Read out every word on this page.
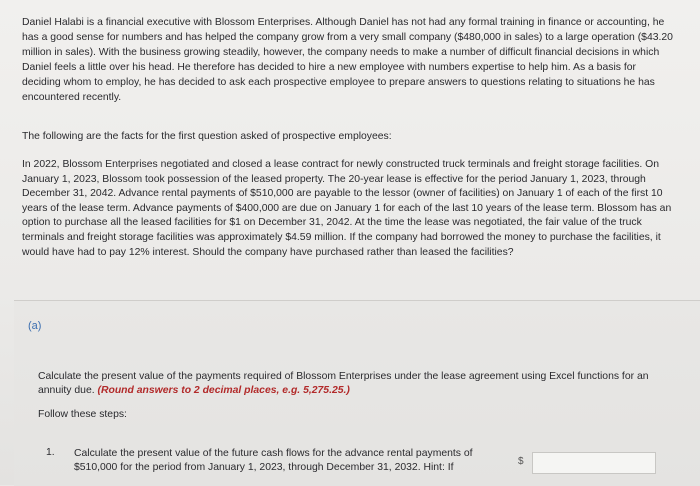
Daniel Halabi is a financial executive with Blossom Enterprises. Although Daniel has not had any formal training in finance or accounting, he has a good sense for numbers and has helped the company grow from a very small company ($480,000 in sales) to a large operation ($43.20 million in sales). With the business growing steadily, however, the company needs to make a number of difficult financial decisions in which Daniel feels a little over his head. He therefore has decided to hire a new employee with numbers expertise to help him. As a basis for deciding whom to employ, he has decided to ask each prospective employee to prepare answers to questions relating to situations he has encountered recently.
The following are the facts for the first question asked of prospective employees:
In 2022, Blossom Enterprises negotiated and closed a lease contract for newly constructed truck terminals and freight storage facilities. On January 1, 2023, Blossom took possession of the leased property. The 20-year lease is effective for the period January 1, 2023, through December 31, 2042. Advance rental payments of $510,000 are payable to the lessor (owner of facilities) on January 1 of each of the first 10 years of the lease term. Advance payments of $400,000 are due on January 1 for each of the last 10 years of the lease term. Blossom has an option to purchase all the leased facilities for $1 on December 31, 2042. At the time the lease was negotiated, the fair value of the truck terminals and freight storage facilities was approximately $4.59 million. If the company had borrowed the money to purchase the facilities, it would have had to pay 12% interest. Should the company have purchased rather than leased the facilities?
(a)
Calculate the present value of the payments required of Blossom Enterprises under the lease agreement using Excel functions for an annuity due. (Round answers to 2 decimal places, e.g. 5,275.25.)
Follow these steps:
1. Calculate the present value of the future cash flows for the advance rental payments of $510,000 for the period from January 1, 2023, through December 31, 2032. Hint: If
$
